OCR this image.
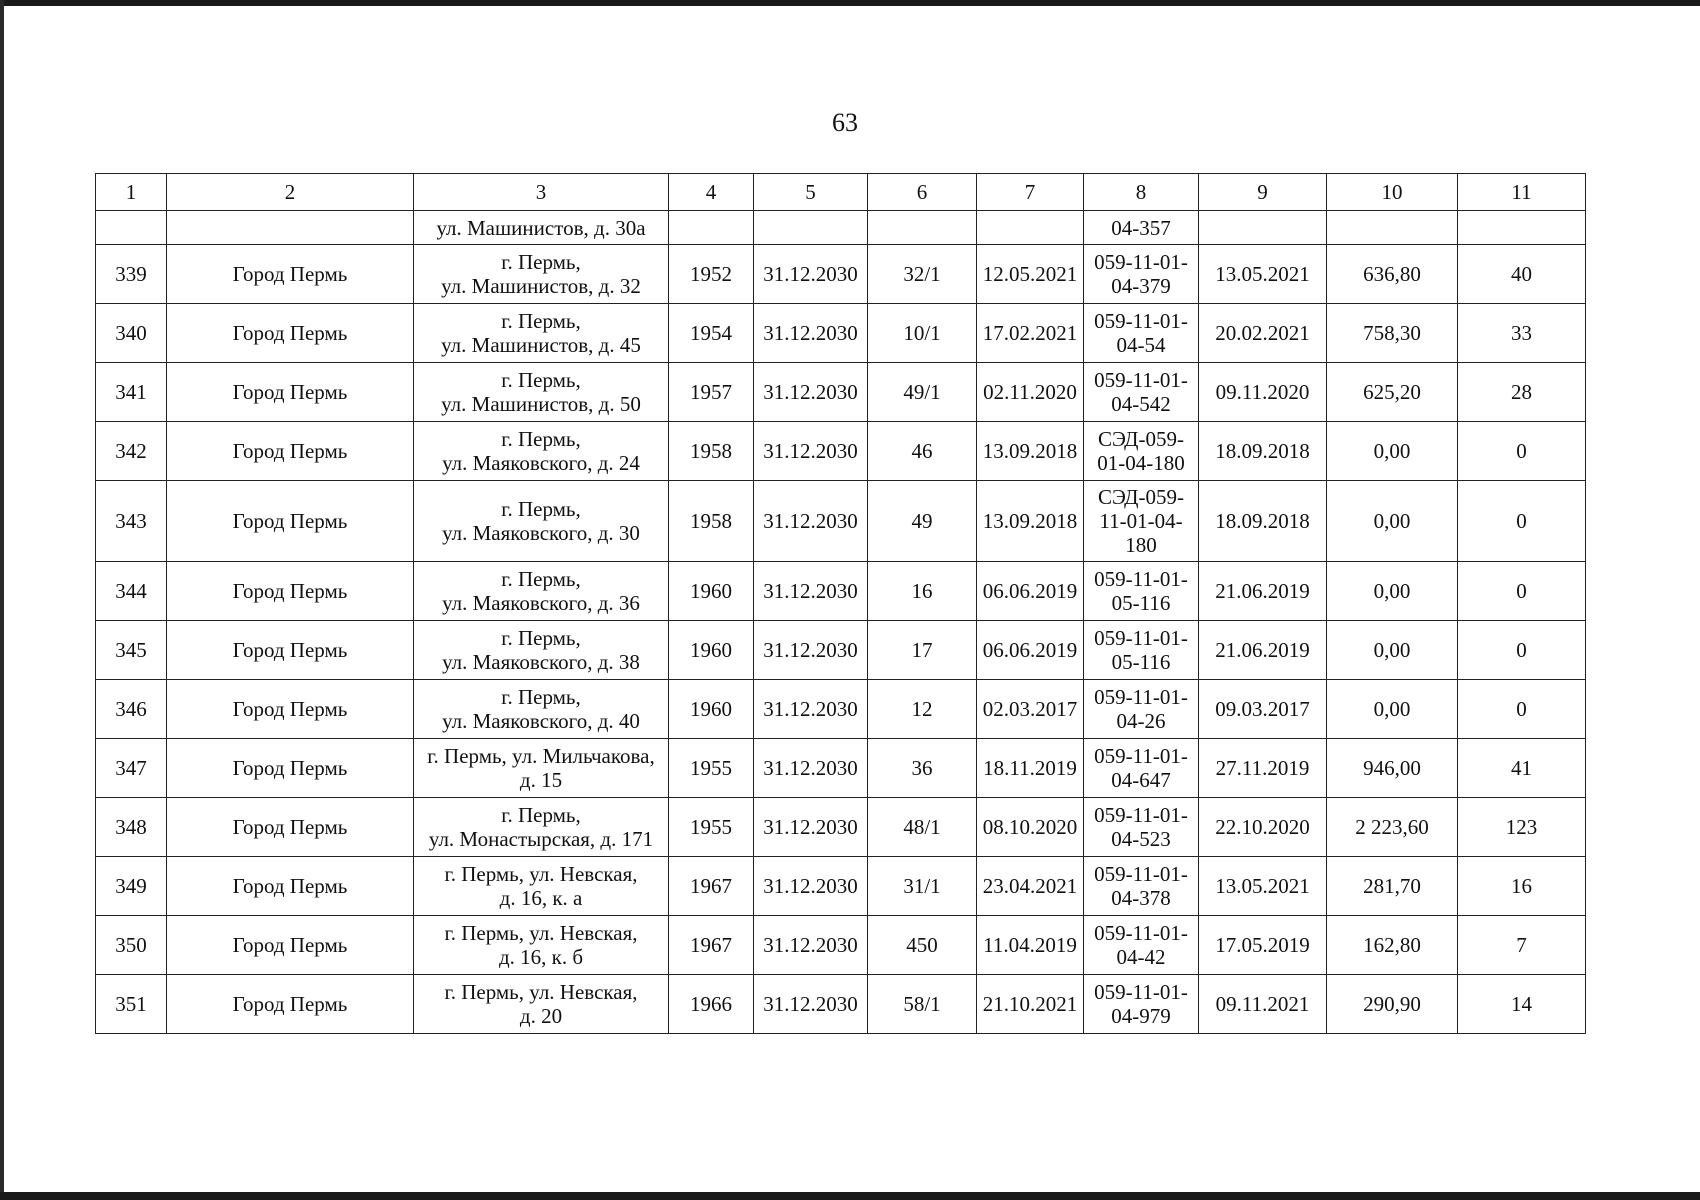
63
1	2	3	4	5	6	7	8	9	10	11
		ул. Машинистов, д. 30а					04-357			
339	Город Пермь	г. Пермь,
ул. Машинистов, д. 32	1952	31.12.2030	32/1	12.05.2021	059-11-01-
04-379	13.05.2021	636,80	40
340	Город Пермь	г. Пермь,
ул. Машинистов, д. 45	1954	31.12.2030	10/1	17.02.2021	059-11-01-
04-54	20.02.2021	758,30	33
341	Город Пермь	г. Пермь,
ул. Машинистов, д. 50	1957	31.12.2030	49/1	02.11.2020	059-11-01-
04-542	09.11.2020	625,20	28
342	Город Пермь	г. Пермь,
ул. Маяковского, д. 24	1958	31.12.2030	46	13.09.2018	СЭД-059-
01-04-180	18.09.2018	0,00	0
343	Город Пермь	г. Пермь,
ул. Маяковского, д. 30	1958	31.12.2030	49	13.09.2018	СЭД-059-
11-01-04-
180	18.09.2018	0,00	0
344	Город Пермь	г. Пермь,
ул. Маяковского, д. 36	1960	31.12.2030	16	06.06.2019	059-11-01-
05-116	21.06.2019	0,00	0
345	Город Пермь	г. Пермь,
ул. Маяковского, д. 38	1960	31.12.2030	17	06.06.2019	059-11-01-
05-116	21.06.2019	0,00	0
346	Город Пермь	г. Пермь,
ул. Маяковского, д. 40	1960	31.12.2030	12	02.03.2017	059-11-01-
04-26	09.03.2017	0,00	0
347	Город Пермь	г. Пермь, ул. Мильчакова,
д. 15	1955	31.12.2030	36	18.11.2019	059-11-01-
04-647	27.11.2019	946,00	41
348	Город Пермь	г. Пермь,
ул. Монастырская, д. 171	1955	31.12.2030	48/1	08.10.2020	059-11-01-
04-523	22.10.2020	2 223,60	123
349	Город Пермь	г. Пермь, ул. Невская,
д. 16, к. а	1967	31.12.2030	31/1	23.04.2021	059-11-01-
04-378	13.05.2021	281,70	16
350	Город Пермь	г. Пермь, ул. Невская,
д. 16, к. б	1967	31.12.2030	450	11.04.2019	059-11-01-
04-42	17.05.2019	162,80	7
351	Город Пермь	г. Пермь, ул. Невская,
д. 20	1966	31.12.2030	58/1	21.10.2021	059-11-01-
04-979	09.11.2021	290,90	14
